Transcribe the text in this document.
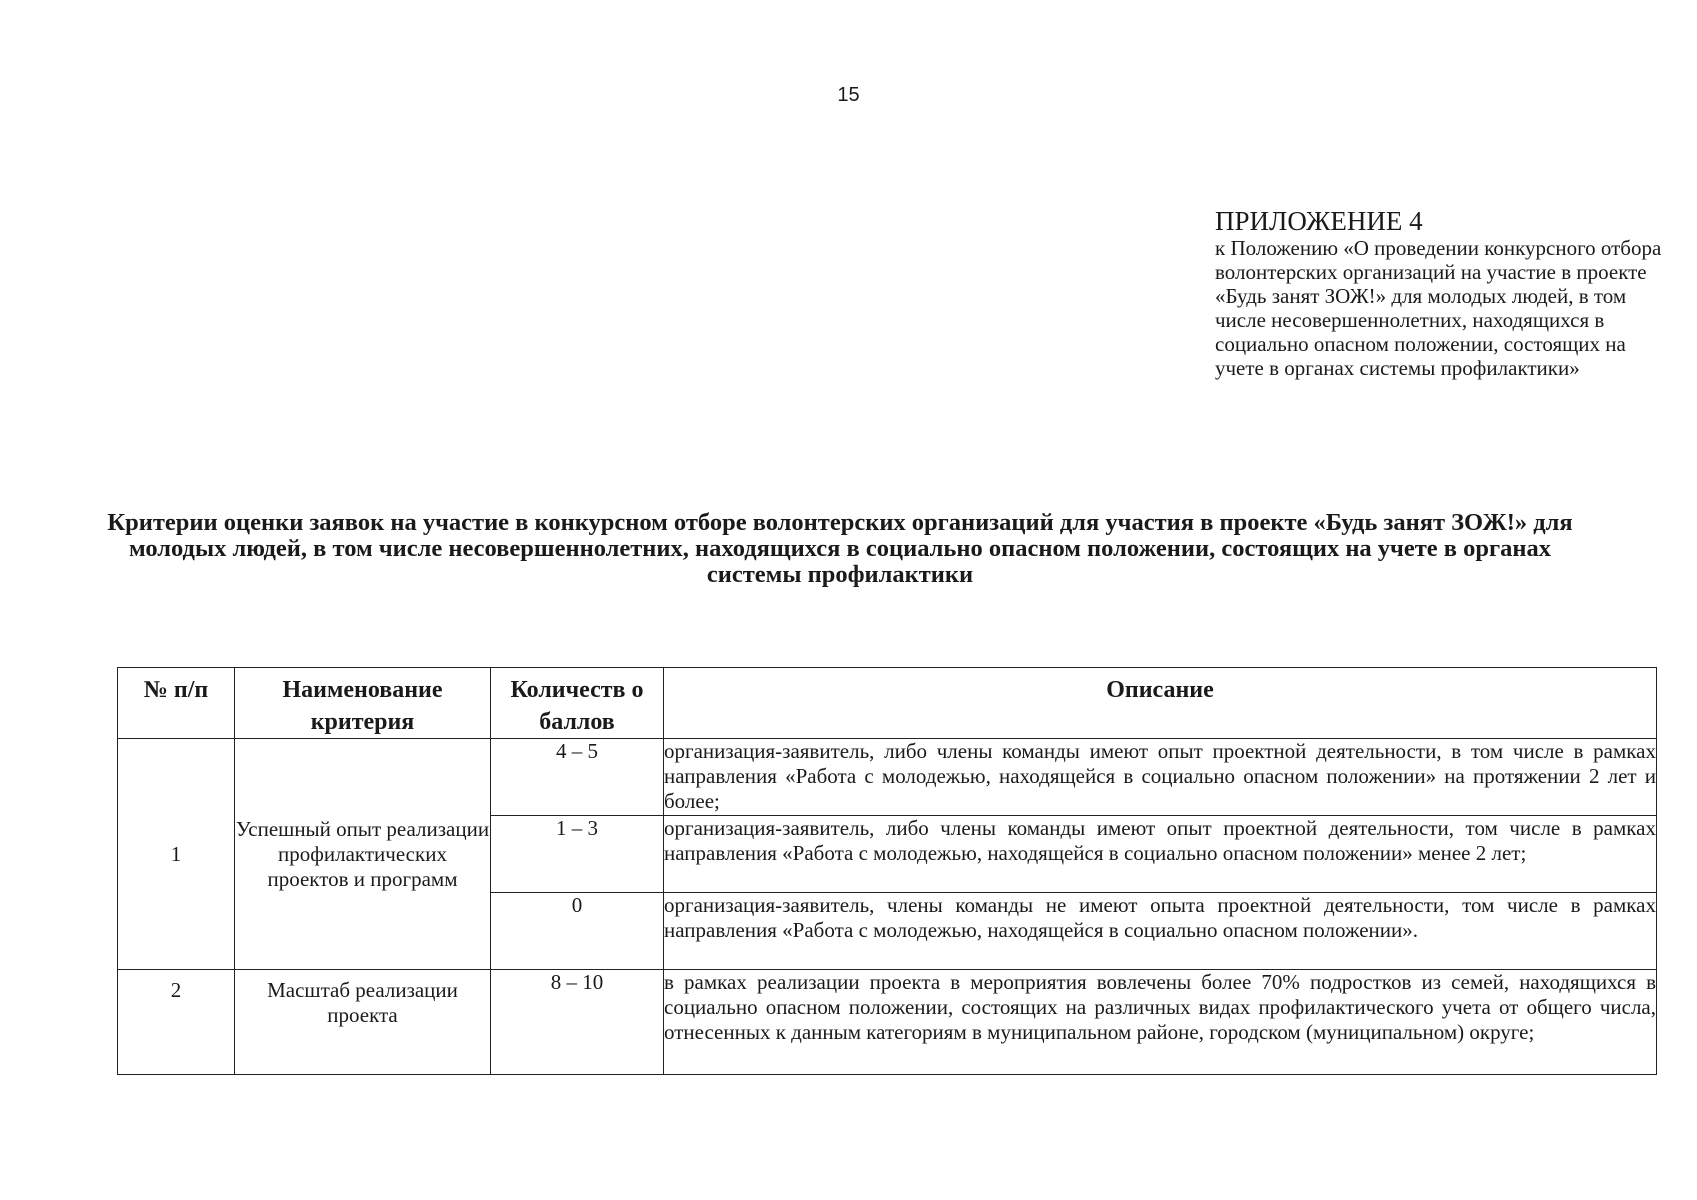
15

ПРИЛОЖЕНИЕ 4

к Положению «О проведении конкурсного отбора волонтерских организаций на участие в проекте «Будь занят ЗОЖ!» для молодых людей, в том числе несовершеннолетних, находящихся в социально опасном положении, состоящих на учете в органах системы профилактики»

Критерии оценки заявок на участие в конкурсном отборе волонтерских организаций для участия в проекте «Будь занят ЗОЖ!» для молодых людей, в том числе несовершеннолетних, находящихся в социально опасном положении, состоящих на учете в органах системы профилактики
№ п/п	Наименование критерия	Количеств о баллов	Описание
1	Успешный опыт реализации профилактических проектов и программ	4 – 5	организация-заявитель, либо члены команды имеют опыт проектной деятельности, в том числе в рамках направления «Работа с молодежью, находящейся в социально опасном положении» на протяжении 2 лет и более;
		1 – 3	организация-заявитель, либо члены команды имеют опыт проектной деятельности, том числе в рамках направления «Работа с молодежью, находящейся в социально опасном положении» менее 2 лет;
		0	организация-заявитель, члены команды не имеют опыта проектной деятельности, том числе в рамках направления «Работа с молодежью, находящейся в социально опасном положении».
2	Масштаб реализации проекта	8 – 10	в рамках реализации проекта в мероприятия вовлечены более 70% подростков из семей, находящихся в социально опасном положении, состоящих на различных видах профилактического учета от общего числа, отнесенных к данным категориям в муниципальном районе, городском (муниципальном) округе;
